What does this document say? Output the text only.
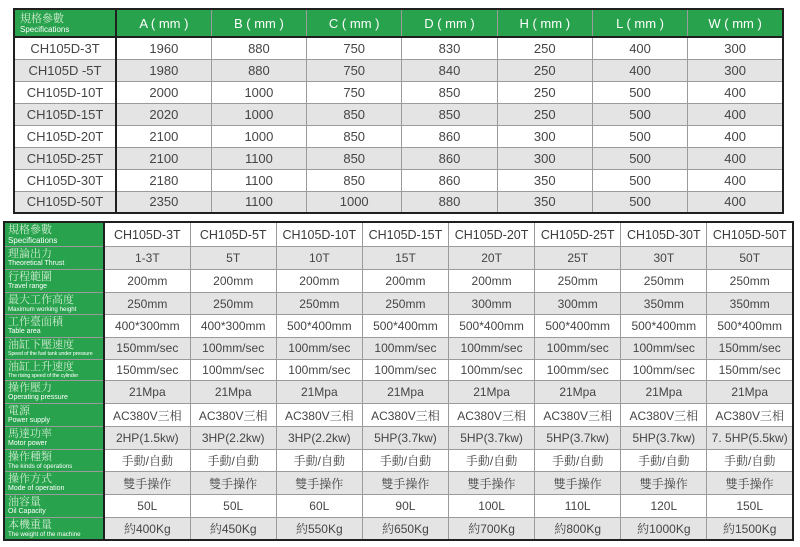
規格參數
Specifications	A ( mm )	B ( mm )	C ( mm )	D ( mm )	H ( mm )	L ( mm )	W ( mm )
CH105D-3T	1960	880	750	830	250	400	300
CH105D -5T	1980	880	750	840	250	400	300
CH105D-10T	2000	1000	750	850	250	500	400
CH105D-15T	2020	1000	850	850	250	500	400
CH105D-20T	2100	1000	850	860	300	500	400
CH105D-25T	2100	1100	850	860	300	500	400
CH105D-30T	2180	1100	850	860	350	500	400
CH105D-50T	2350	1100	1000	880	350	500	400
規格參數
Specifications	CH105D-3T	CH105D-5T	CH105D-10T	CH105D-15T	CH105D-20T	CH105D-25T	CH105D-30T	CH105D-50T

理論出力
Theoretical Thrust	1-3T	5T	10T	15T	20T	25T	30T	50T

行程範圍
Travel range	200mm	200mm	200mm	200mm	200mm	250mm	250mm	250mm

最大工作高度
Maximum working height	250mm	250mm	250mm	250mm	300mm	300mm	350mm	350mm

工作臺面積
Table area	400*300mm	400*300mm	500*400mm	500*400mm	500*400mm	500*400mm	500*400mm	500*400mm

油缸下壓速度
Speed of the fuel tank under pressure	150mm/sec	100mm/sec	100mm/sec	100mm/sec	100mm/sec	100mm/sec	100mm/sec	150mm/sec

油缸上升速度
The rising speed of the cylinder	150mm/sec	100mm/sec	100mm/sec	100mm/sec	100mm/sec	100mm/sec	100mm/sec	150mm/sec

操作壓力
Operating pressure	21Mpa	21Mpa	21Mpa	21Mpa	21Mpa	21Mpa	21Mpa	21Mpa

電源
Power supply	AC380V三相	AC380V三相	AC380V三相	AC380V三相	AC380V三相	AC380V三相	AC380V三相	AC380V三相

馬達功率
Motor power	2HP(1.5kw)	3HP(2.2kw)	3HP(2.2kw)	5HP(3.7kw)	5HP(3.7kw)	5HP(3.7kw)	5HP(3.7kw)	7. 5HP(5.5kw)

操作種類
The kinds of operations	手動/自動	手動/自動	手動/自動	手動/自動	手動/自動	手動/自動	手動/自動	手動/自動

操作方式
Mode of operation	雙手操作	雙手操作	雙手操作	雙手操作	雙手操作	雙手操作	雙手操作	雙手操作

油容量
Oil Capacity	50L	50L	60L	90L	100L	110L	120L	150L

本機重量
The weight of the machine	約400Kg	約450Kg	約550Kg	約650Kg	約700Kg	約800Kg	約1000Kg	約1500Kg
